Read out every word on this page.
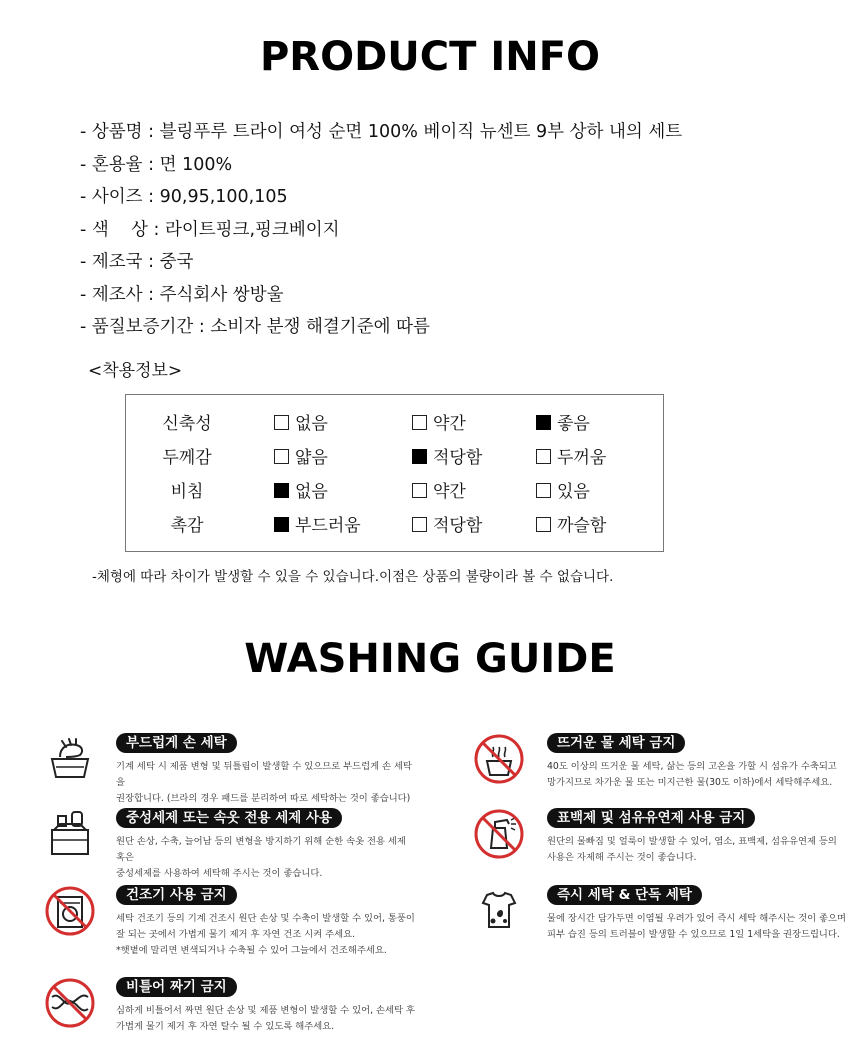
PRODUCT INFO
- 상품명 : 블링푸루 트라이 여성 순면 100% 베이직 뉴센트 9부 상하 내의 세트
- 혼용율 : 면 100%
- 사이즈 : 90,95,100,105
- 색    상 : 라이트핑크,핑크베이지
- 제조국 : 중국
- 제조사 : 주식회사 쌍방울
- 품질보증기간 : 소비자 분쟁 해결기준에 따름
<착용정보>
신축성	없음	약간	좋음
두께감	얇음	적당함	두꺼움
비침	없음	약간	있음
촉감	부드러움	적당함	까슬함
-체형에 따라 차이가 발생할 수 있을 수 있습니다.이점은 상품의 불량이라 볼 수 없습니다.
WASHING GUIDE
부드럽게 손 세탁
기계 세탁 시 제품 변형 및 뒤틀림이 발생할 수 있으므로 부드럽게 손 세탁을
권장합니다. (브라의 경우 패드를 분리하여 따로 세탁하는 것이 좋습니다)
뜨거운 물 세탁 금지
40도 이상의 뜨거운 물 세탁, 삶는 등의 고온을 가할 시 섬유가 수축되고
망가지므로 차가운 물 또는 미지근한 물(30도 이하)에서 세탁해주세요.
중성세제 또는 속옷 전용 세제 사용
원단 손상, 수축, 늘어남 등의 변형을 방지하기 위해 순한 속옷 전용 세제 혹은
중성세제를 사용하여 세탁해 주시는 것이 좋습니다.
표백제 및 섬유유연제 사용 금지
원단의 물빠짐 및 얼룩이 발생할 수 있어, 염소, 표백제, 섬유유연제 등의
사용은 자제해 주시는 것이 좋습니다.
건조기 사용 금지
세탁 건조기 등의 기계 건조시 원단 손상 및 수축이 발생할 수 있어, 통풍이
잘 되는 곳에서 가볍게 물기 제거 후 자연 건조 시켜 주세요.
*햇볕에 말리면 변색되거나 수축될 수 있어 그늘에서 건조해주세요.
즉시 세탁 & 단독 세탁
물에 장시간 담가두면 이염될 우려가 있어 즉시 세탁 해주시는 것이 좋으며
피부 습진 등의 트러블이 발생할 수 있으므로 1일 1세탁을 권장드립니다.
비틀어 짜기 금지
심하게 비틀어서 짜면 원단 손상 및 제품 변형이 발생할 수 있어, 손세탁 후
가볍게 물기 제거 후 자연 탈수 될 수 있도록 해주세요.
